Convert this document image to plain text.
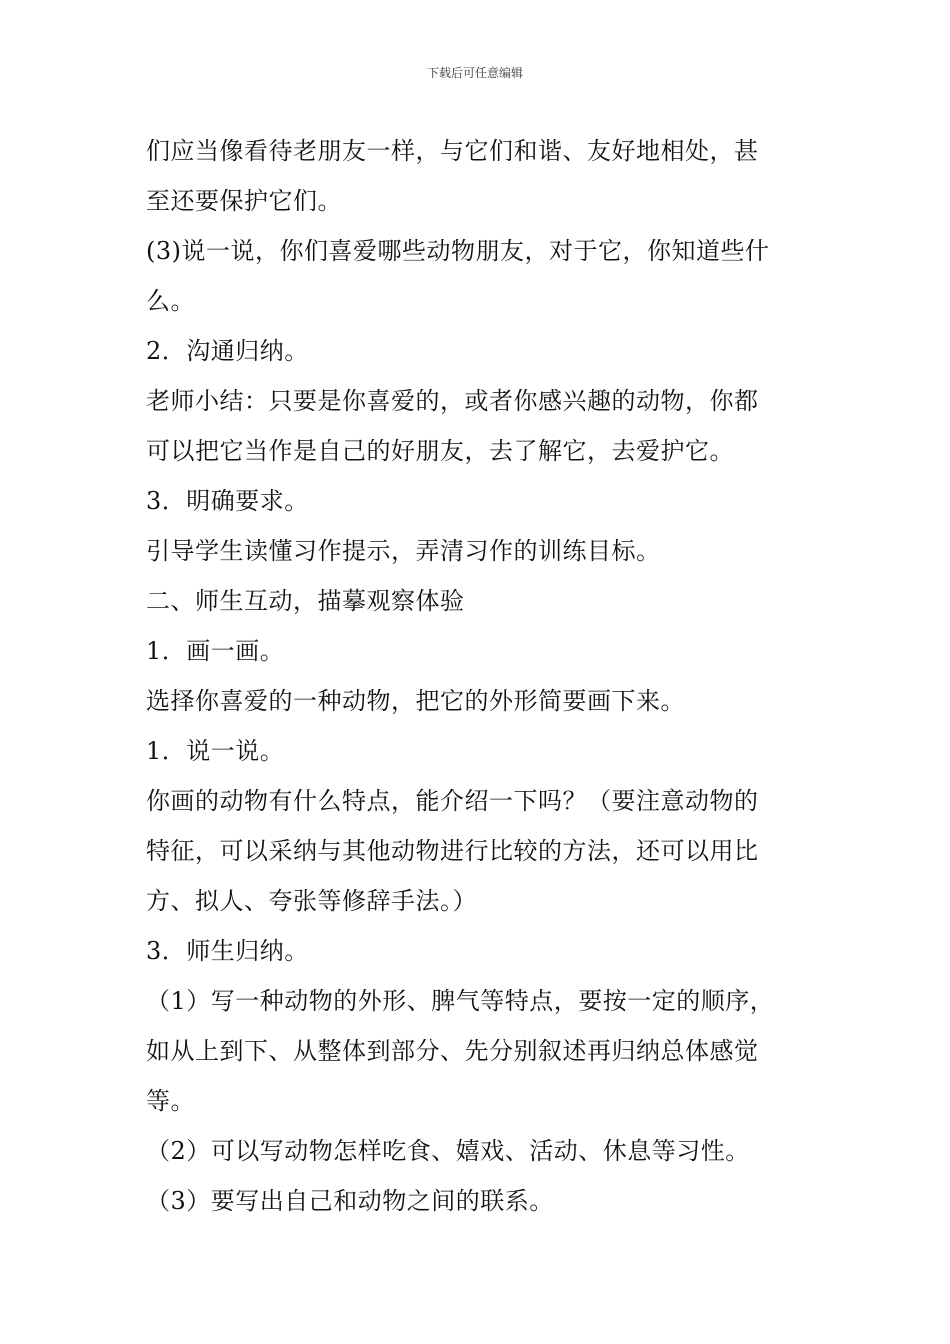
下载后可任意编辑
们应当像看待老朋友一样，与它们和谐、友好地相处，甚
至还要保护它们。
(3)说一说，你们喜爱哪些动物朋友，对于它，你知道些什
么。
2．沟通归纳。
老师小结：只要是你喜爱的，或者你感兴趣的动物，你都
可以把它当作是自己的好朋友，去了解它，去爱护它。
3．明确要求。
引导学生读懂习作提示，弄清习作的训练目标。
二、师生互动，描摹观察体验
1．画一画。
选择你喜爱的一种动物，把它的外形简要画下来。
1．说一说。
你画的动物有什么特点，能介绍一下吗？（要注意动物的
特征，可以采纳与其他动物进行比较的方法，还可以用比
方、拟人、夸张等修辞手法。）
3．师生归纳。
（1）写一种动物的外形、脾气等特点，要按一定的顺序，
如从上到下、从整体到部分、先分别叙述再归纳总体感觉
等。
（2）可以写动物怎样吃食、嬉戏、活动、休息等习性。
（3）要写出自己和动物之间的联系。
